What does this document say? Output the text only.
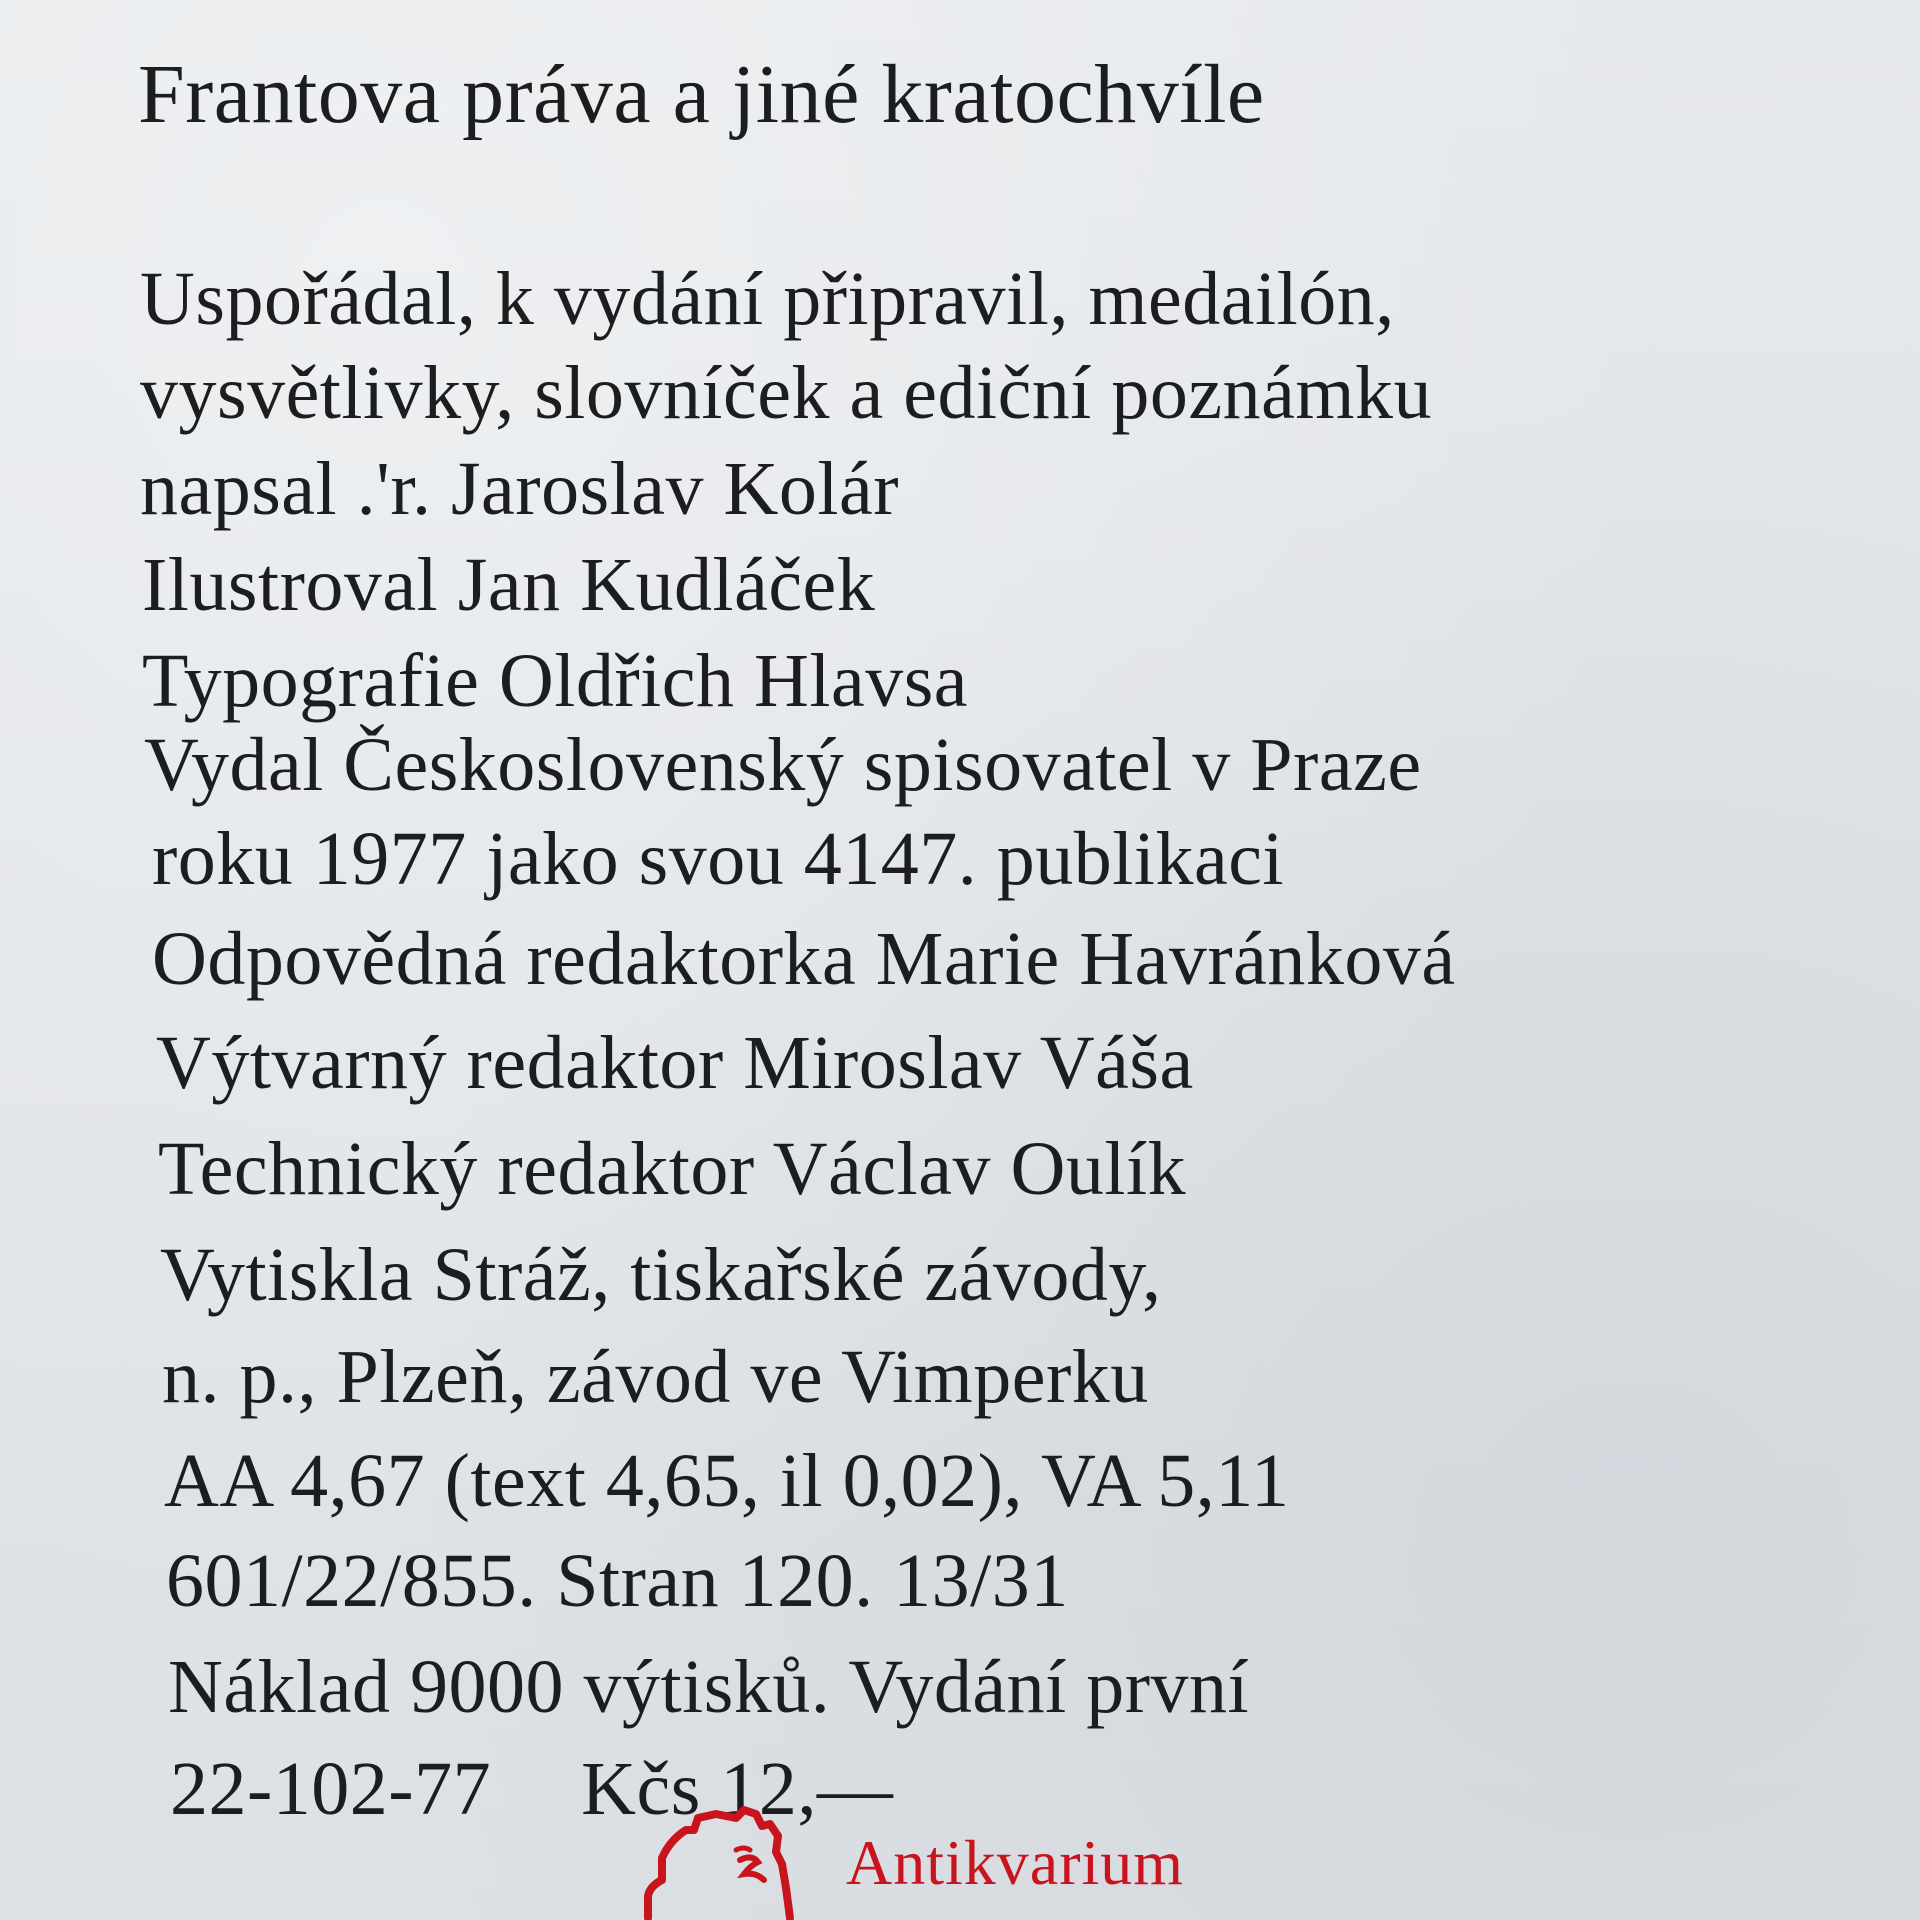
Frantova práva a jiné kratochvíle
Uspořádal, k vydání připravil, medailón,
vysvětlivky, slovníček a ediční poznámku
napsal .'r. Jaroslav Kolár
Ilustroval Jan Kudláček
Typografie Oldřich Hlavsa
Vydal Československý spisovatel v Praze
roku 1977 jako svou 4147. publikaci
Odpovědná redaktorka Marie Havránková
Výtvarný redaktor Miroslav Váša
Technický redaktor Václav Oulík
Vytiskla Stráž, tiskařské závody,
n. p., Plzeň, závod ve Vimperku
AA 4,67 (text 4,65, il 0,02), VA 5,11
601/22/855. Stran 120. 13/31
Náklad 9000 výtisků. Vydání první
22-102-77 Kčs 12,—
Antikvarium
